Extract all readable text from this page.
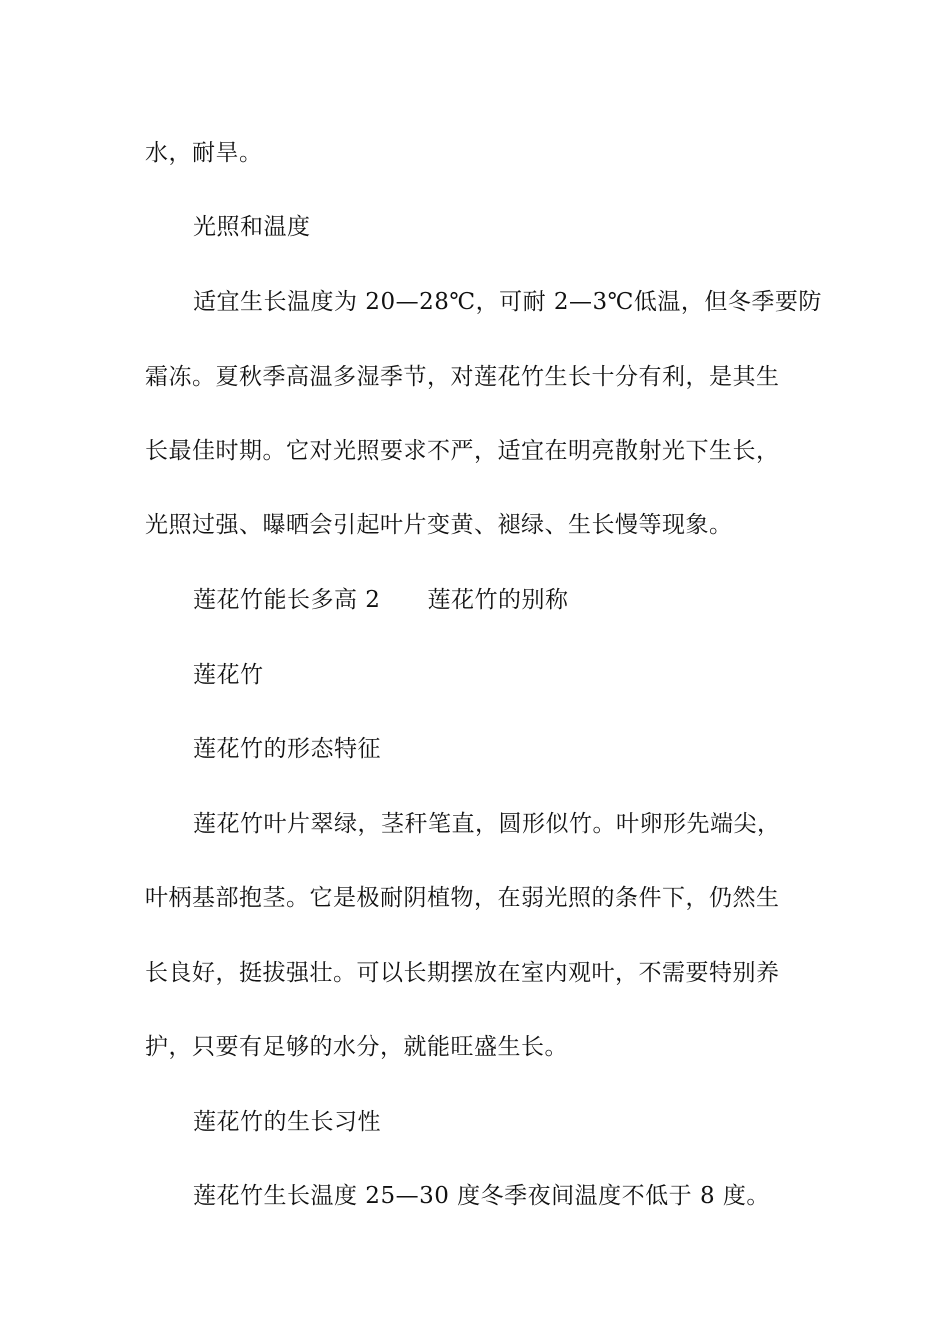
水，耐旱。
光照和温度
适宜生长温度为 20—28℃，可耐 2—3℃低温，但冬季要防
霜冻。夏秋季高温多湿季节，对莲花竹生长十分有利，是其生
长最佳时期。它对光照要求不严，适宜在明亮散射光下生长，
光照过强、曝晒会引起叶片变黄、褪绿、生长慢等现象。
莲花竹能长多高 2　　莲花竹的别称
莲花竹
莲花竹的形态特征
莲花竹叶片翠绿，茎秆笔直，圆形似竹。叶卵形先端尖，
叶柄基部抱茎。它是极耐阴植物，在弱光照的条件下，仍然生
长良好，挺拔强壮。可以长期摆放在室内观叶，不需要特别养
护，只要有足够的水分，就能旺盛生长。
莲花竹的生长习性
莲花竹生长温度 25—30 度冬季夜间温度不低于 8 度。
